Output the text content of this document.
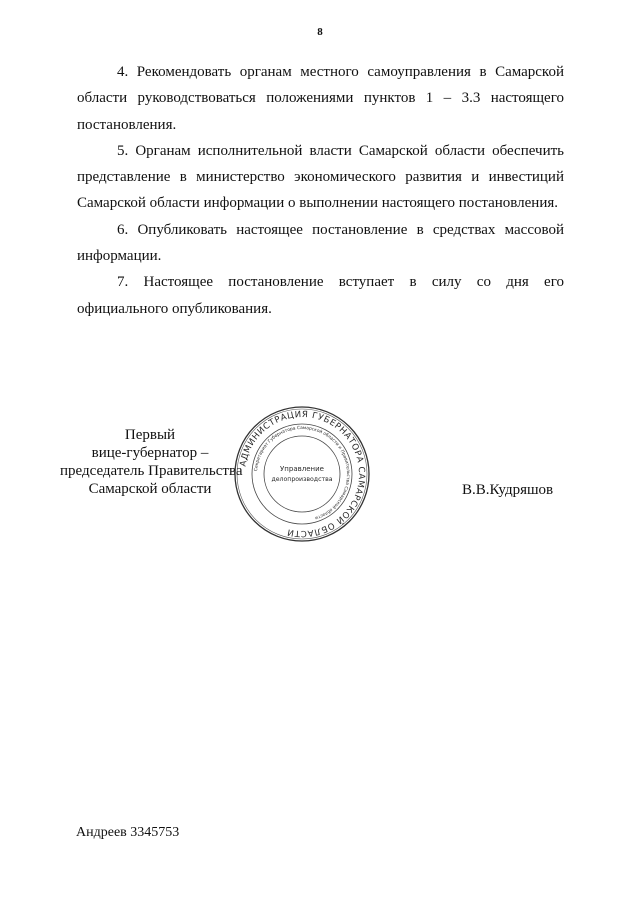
8

4. Рекомендовать органам местного самоуправления в Самарской области руководствоваться положениями пунктов 1 – 3.3 настоящего постановления.

5. Органам исполнительной власти Самарской области обеспечить представление в министерство экономического развития и инвестиций Самарской области информации о выполнении настоящего постановления.

6. Опубликовать настоящее постановление в средствах массовой информации.

7. Настоящее постановление вступает в силу со дня его официального опубликования.

Первый
вице-губернатор –
председатель Правительства
Самарской области
АДМИНИСТРАЦИЯ ГУБЕРНАТОРА САМАРСКОЙ ОБЛАСТИ
Секретариат Губернатора Самарской области и Правительства Самарской области
Управление
делопроизводства
В.В.Кудряшов
Андреев 3345753
